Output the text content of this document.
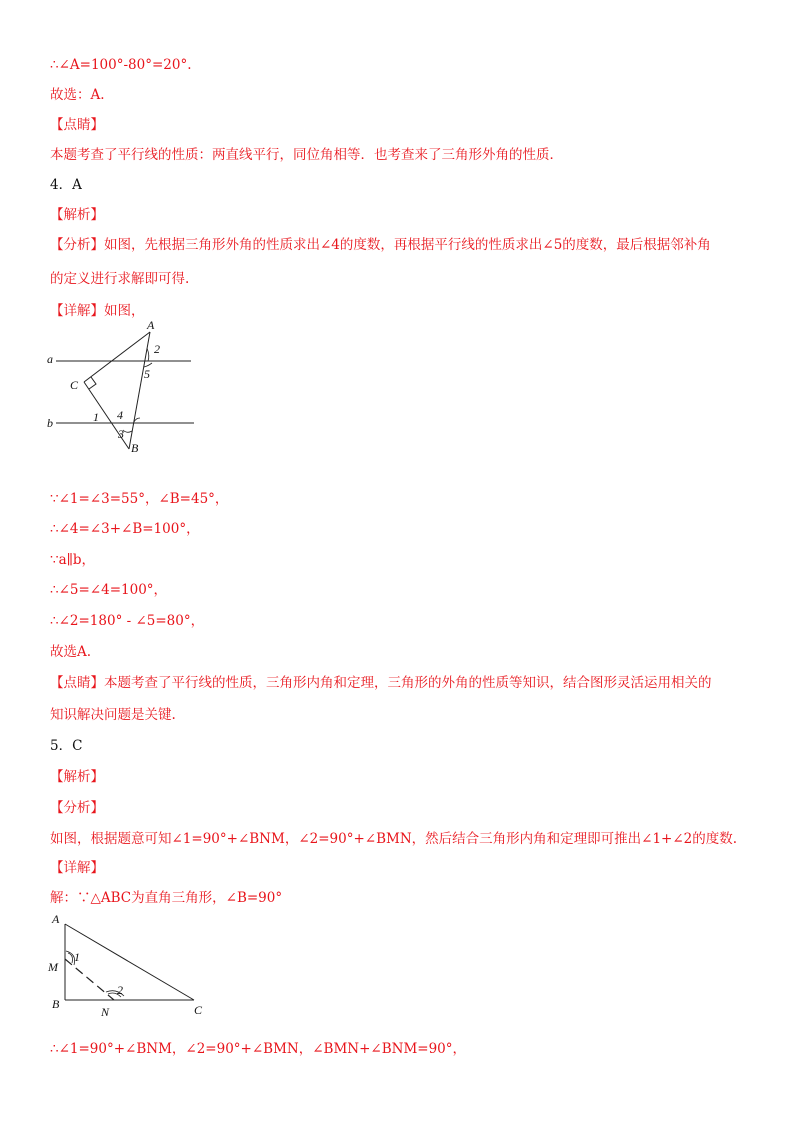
∴∠A=100°-80°=20°.
故选：A.
【点睛】
本题考查了平行线的性质：两直线平行，同位角相等．也考查来了三角形外角的性质．
4．A
【解析】
【分析】如图，先根据三角形外角的性质求出∠4的度数，再根据平行线的性质求出∠5的度数，最后根据邻补角
的定义进行求解即可得.
【详解】如图，
A
a
b
C
B
1
2
3
4
5
∵∠1=∠3=55°，∠B=45°，
∴∠4=∠3+∠B=100°，
∵a∥b，
∴∠5=∠4=100°，
∴∠2=180° - ∠5=80°，
故选A.
【点睛】本题考查了平行线的性质，三角形内角和定理，三角形的外角的性质等知识，结合图形灵活运用相关的
知识解决问题是关键.
5．C
【解析】
【分析】
如图，根据题意可知∠1=90°+∠BNM，∠2=90°+∠BMN，然后结合三角形内角和定理即可推出∠1+∠2的度数.
【详解】
解：∵△ABC为直角三角形，∠B=90°
A
M
B
N	C
1
2
∴∠1=90°+∠BNM，∠2=90°+∠BMN，∠BMN+∠BNM=90°，
